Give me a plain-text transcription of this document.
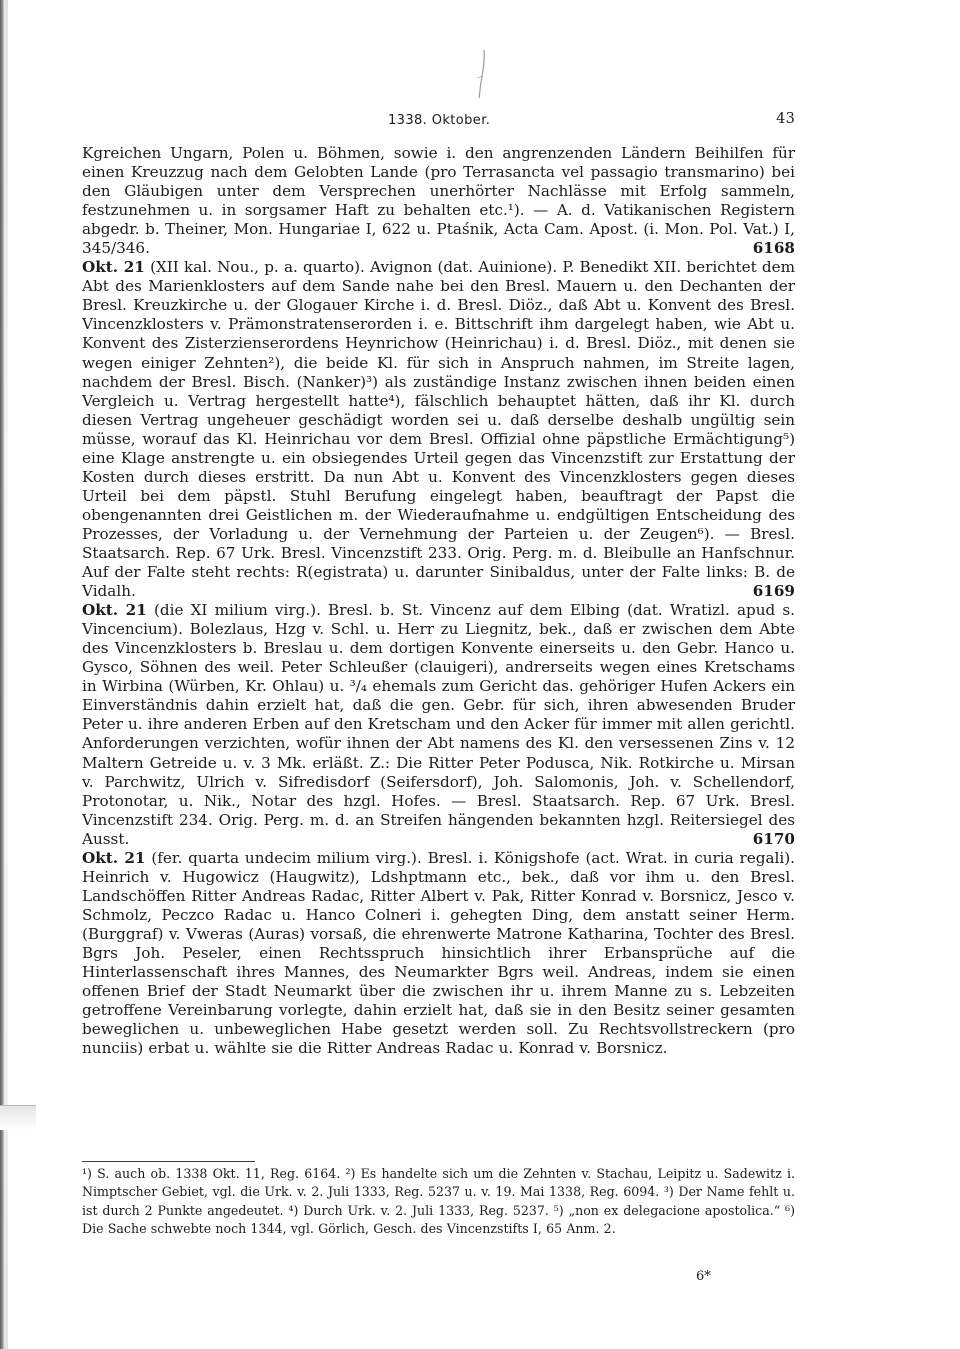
1338. Oktober.	43

Kgreichen Ungarn, Polen u. Böhmen, sowie i. den angrenzenden Ländern Beihilfen für einen Kreuzzug nach dem Gelobten Lande (pro Terrasancta vel passagio transmarino) bei den Gläubigen unter dem Versprechen unerhörter Nachlässe mit Erfolg sammeln, festzunehmen u. in sorgsamer Haft zu behalten etc.¹). — A. d. Vatikanischen Registern abgedr. b. Theiner, Mon. Hungariae I, 622 u. Ptaśnik, Acta Cam. Apost. (i. Mon. Pol. Vat.) I, 345/346.	6168

Okt. 21 (XII kal. Nou., p. a. quarto). Avignon (dat. Auinione). P. Benedikt XII. berichtet dem Abt des Marienklosters auf dem Sande nahe bei den Bresl. Mauern u. den Dechanten der Bresl. Kreuzkirche u. der Glogauer Kirche i. d. Bresl. Diöz., daß Abt u. Konvent des Bresl. Vincenzklosters v. Prämonstratenserorden i. e. Bittschrift ihm dargelegt haben, wie Abt u. Konvent des Zisterzienserordens Heynrichow (Heinrichau) i. d. Bresl. Diöz., mit denen sie wegen einiger Zehnten²), die beide Kl. für sich in Anspruch nahmen, im Streite lagen, nachdem der Bresl. Bisch. (Nanker)³) als zuständige Instanz zwischen ihnen beiden einen Vergleich u. Vertrag hergestellt hatte⁴), fälschlich behauptet hätten, daß ihr Kl. durch diesen Vertrag ungeheuer geschädigt worden sei u. daß derselbe deshalb ungültig sein müsse, worauf das Kl. Heinrichau vor dem Bresl. Offizial ohne päpstliche Ermächtigung⁵) eine Klage anstrengte u. ein obsiegendes Urteil gegen das Vincenzstift zur Erstattung der Kosten durch dieses erstritt. Da nun Abt u. Konvent des Vincenzklosters gegen dieses Urteil bei dem päpstl. Stuhl Berufung eingelegt haben, beauftragt der Papst die obengenannten drei Geistlichen m. der Wiederaufnahme u. endgültigen Entscheidung des Prozesses, der Vorladung u. der Vernehmung der Parteien u. der Zeugen⁶). — Bresl. Staatsarch. Rep. 67 Urk. Bresl. Vincenzstift 233. Orig. Perg. m. d. Bleibulle an Hanfschnur. Auf der Falte steht rechts: R(egistrata) u. darunter Sinibaldus, unter der Falte links: B. de Vidalh.	6169

Okt. 21 (die XI milium virg.). Bresl. b. St. Vincenz auf dem Elbing (dat. Wratizl. apud s. Vincencium). Bolezlaus, Hzg v. Schl. u. Herr zu Liegnitz, bek., daß er zwischen dem Abte des Vincenzklosters b. Breslau u. dem dortigen Konvente einerseits u. den Gebr. Hanco u. Gysco, Söhnen des weil. Peter Schleußer (clauigeri), andrerseits wegen eines Kretschams in Wirbina (Würben, Kr. Ohlau) u. ³/₄ ehemals zum Gericht das. gehöriger Hufen Ackers ein Einverständnis dahin erzielt hat, daß die gen. Gebr. für sich, ihren abwesenden Bruder Peter u. ihre anderen Erben auf den Kretscham und den Acker für immer mit allen gerichtl. Anforderungen verzichten, wofür ihnen der Abt namens des Kl. den versessenen Zins v. 12 Maltern Getreide u. v. 3 Mk. erläßt. Z.: Die Ritter Peter Podusca, Nik. Rotkirche u. Mirsan v. Parchwitz, Ulrich v. Sifredisdorf (Seifersdorf), Joh. Salomonis, Joh. v. Schellendorf, Protonotar, u. Nik., Notar des hzgl. Hofes. — Bresl. Staatsarch. Rep. 67 Urk. Bresl. Vincenzstift 234. Orig. Perg. m. d. an Streifen hängenden bekannten hzgl. Reitersiegel des Ausst.	6170

Okt. 21 (fer. quarta undecim milium virg.). Bresl. i. Königshofe (act. Wrat. in curia regali). Heinrich v. Hugowicz (Haugwitz), Ldshptmann etc., bek., daß vor ihm u. den Bresl. Landschöffen Ritter Andreas Radac, Ritter Albert v. Pak, Ritter Konrad v. Borsnicz, Jesco v. Schmolz, Peczco Radac u. Hanco Colneri i. gehegten Ding, dem anstatt seiner Herm. (Burggraf) v. Vweras (Auras) vorsaß, die ehrenwerte Matrone Katharina, Tochter des Bresl. Bgrs Joh. Peseler, einen Rechtsspruch hinsichtlich ihrer Erbansprüche auf die Hinterlassenschaft ihres Mannes, des Neumarkter Bgrs weil. Andreas, indem sie einen offenen Brief der Stadt Neumarkt über die zwischen ihr u. ihrem Manne zu s. Lebzeiten getroffene Vereinbarung vorlegte, dahin erzielt hat, daß sie in den Besitz seiner gesamten beweglichen u. unbeweglichen Habe gesetzt werden soll. Zu Rechtsvollstreckern (pro nunciis) erbat u. wählte sie die Ritter Andreas Radac u. Konrad v. Borsnicz.

¹) S. auch ob. 1338 Okt. 11, Reg. 6164. ²) Es handelte sich um die Zehnten v. Stachau, Leipitz u. Sadewitz i. Nimptscher Gebiet, vgl. die Urk. v. 2. Juli 1333, Reg. 5237 u. v. 19. Mai 1338, Reg. 6094. ³) Der Name fehlt u. ist durch 2 Punkte angedeutet. ⁴) Durch Urk. v. 2. Juli 1333, Reg. 5237. ⁵) „non ex delegacione apostolica.“ ⁶) Die Sache schwebte noch 1344, vgl. Görlich, Gesch. des Vincenzstifts I, 65 Anm. 2.
6*
